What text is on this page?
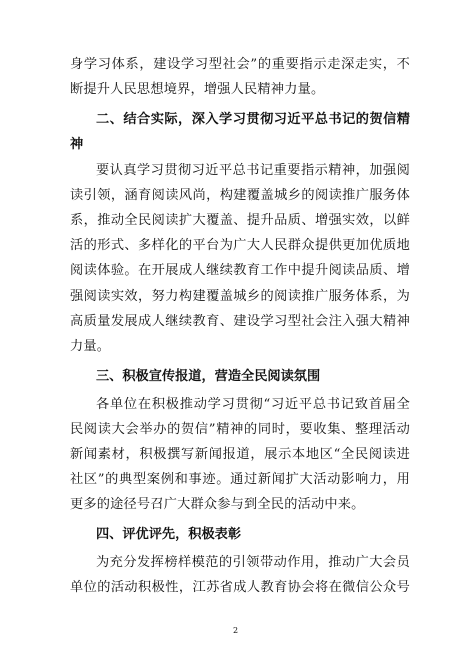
身学习体系，建设学习型社会”的重要指示走深走实，不
断提升人民思想境界，增强人民精神力量。
二、结合实际，深入学习贯彻习近平总书记的贺信精
神
要认真学习贯彻习近平总书记重要指示精神，加强阅
读引领，涵育阅读风尚，构建覆盖城乡的阅读推广服务体
系，推动全民阅读扩大覆盖、提升品质、增强实效，以鲜
活的形式、多样化的平台为广大人民群众提供更加优质地
阅读体验。在开展成人继续教育工作中提升阅读品质、增
强阅读实效，努力构建覆盖城乡的阅读推广服务体系，为
高质量发展成人继续教育、建设学习型社会注入强大精神
力量。
三、积极宣传报道，营造全民阅读氛围
各单位在积极推动学习贯彻“习近平总书记致首届全
民阅读大会举办的贺信”精神的同时，要收集、整理活动
新闻素材，积极撰写新闻报道，展示本地区“全民阅读进
社区”的典型案例和事迹。通过新闻扩大活动影响力，用
更多的途径号召广大群众参与到全民的活动中来。
四、评优评先，积极表彰
为充分发挥榜样模范的引领带动作用，推动广大会员
单位的活动积极性，江苏省成人教育协会将在微信公众号
2
